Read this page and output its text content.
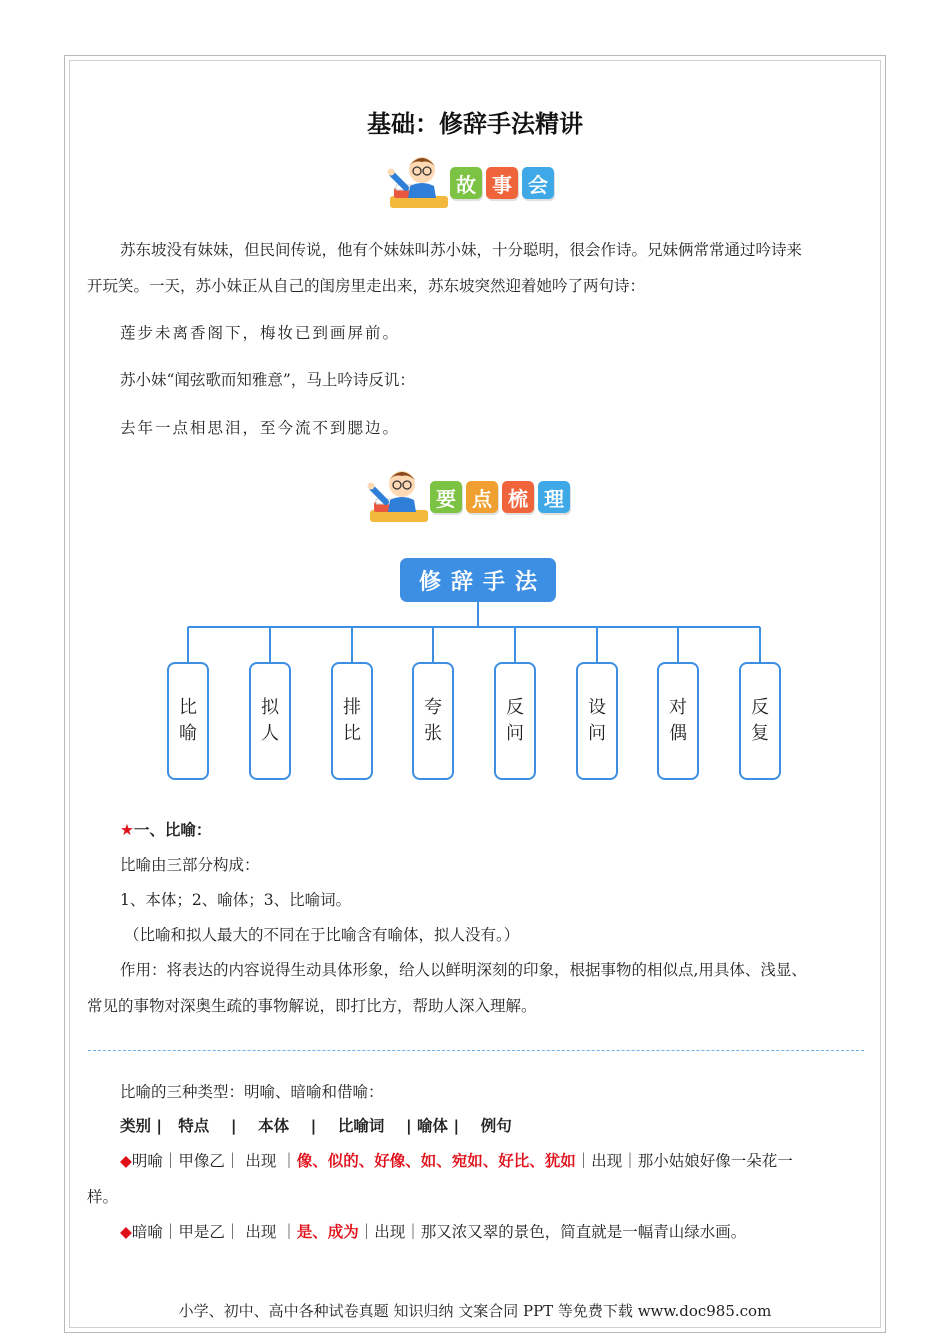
基础：修辞手法精讲
故 事 会
苏东坡没有妹妹，但民间传说，他有个妹妹叫苏小妹，十分聪明，很会作诗。兄妹俩常常通过吟诗来
开玩笑。一天，苏小妹正从自己的闺房里走出来，苏东坡突然迎着她吟了两句诗：
莲步未离香阁下，梅妆已到画屏前。
苏小妹“闻弦歌而知雅意”，马上吟诗反讥：
去年一点相思泪，至今流不到腮边。
要 点 梳 理
修辞手法
比
喻
拟
人
排
比
夸
张
反
问
设
问
对
偶
反
复
★一、比喻：
比喻由三部分构成：
1、本体；2、喻体；3、比喻词。
（比喻和拟人最大的不同在于比喻含有喻体，拟人没有。）
作用：将表达的内容说得生动具体形象，给人以鲜明深刻的印象，根据事物的相似点,用具体、浅显、
常见的事物对深奥生疏的事物解说，即打比方，帮助人深入理解。
比喻的三种类型：明喻、暗喻和借喻：
类别 |   特点    |    本体    |    比喻词    | 喻体 |    例句
◆明喻｜甲像乙｜ 出现 ｜像、似的、好像、如、宛如、好比、犹如｜出现｜那小姑娘好像一朵花一
样。
◆暗喻｜甲是乙｜ 出现 ｜是、成为｜出现｜那又浓又翠的景色，简直就是一幅青山绿水画。
小学、初中、高中各种试卷真题 知识归纳 文案合同 PPT 等免费下载 www.doc985.com
